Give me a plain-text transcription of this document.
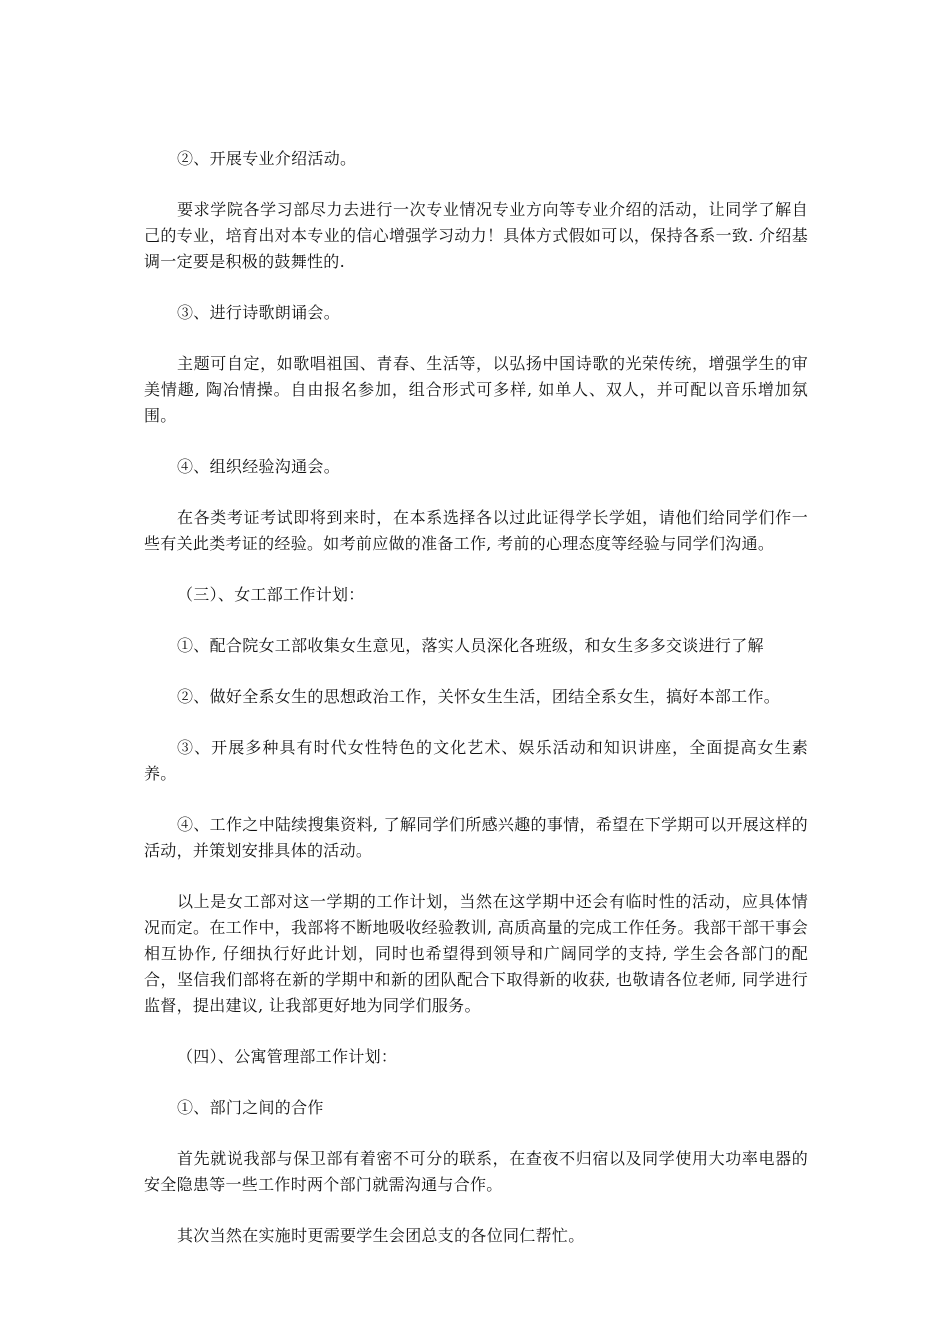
②、开展专业介绍活动。

要求学院各学习部尽力去进行一次专业情况专业方向等专业介绍的活动，让同学了解自己的专业，培育出对本专业的信心增强学习动力！具体方式假如可以，保持各系一致. 介绍基调一定要是积极的鼓舞性的.

③、进行诗歌朗诵会。

主题可自定，如歌唱祖国、青春、生活等，以弘扬中国诗歌的光荣传统，增强学生的审美情趣, 陶冶情操。自由报名参加，组合形式可多样, 如单人、双人，并可配以音乐增加氛围。

④、组织经验沟通会。

在各类考证考试即将到来时，在本系选择各以过此证得学长学姐，请他们给同学们作一些有关此类考证的经验。如考前应做的准备工作, 考前的心理态度等经验与同学们沟通。

（三）、女工部工作计划：

①、配合院女工部收集女生意见，落实人员深化各班级，和女生多多交谈进行了解

②、做好全系女生的思想政治工作，关怀女生生活，团结全系女生，搞好本部工作。

③、开展多种具有时代女性特色的文化艺术、娱乐活动和知识讲座，全面提高女生素养。

④、工作之中陆续搜集资料, 了解同学们所感兴趣的事情，希望在下学期可以开展这样的活动，并策划安排具体的活动。

以上是女工部对这一学期的工作计划，当然在这学期中还会有临时性的活动，应具体情况而定。在工作中，我部将不断地吸收经验教训, 高质高量的完成工作任务。我部干部干事会相互协作, 仔细执行好此计划，同时也希望得到领导和广阔同学的支持, 学生会各部门的配合，坚信我们部将在新的学期中和新的团队配合下取得新的收获, 也敬请各位老师, 同学进行监督，提出建议, 让我部更好地为同学们服务。

（四）、公寓管理部工作计划：

①、部门之间的合作

首先就说我部与保卫部有着密不可分的联系，在查夜不归宿以及同学使用大功率电器的安全隐患等一些工作时两个部门就需沟通与合作。

其次当然在实施时更需要学生会团总支的各位同仁帮忙。
